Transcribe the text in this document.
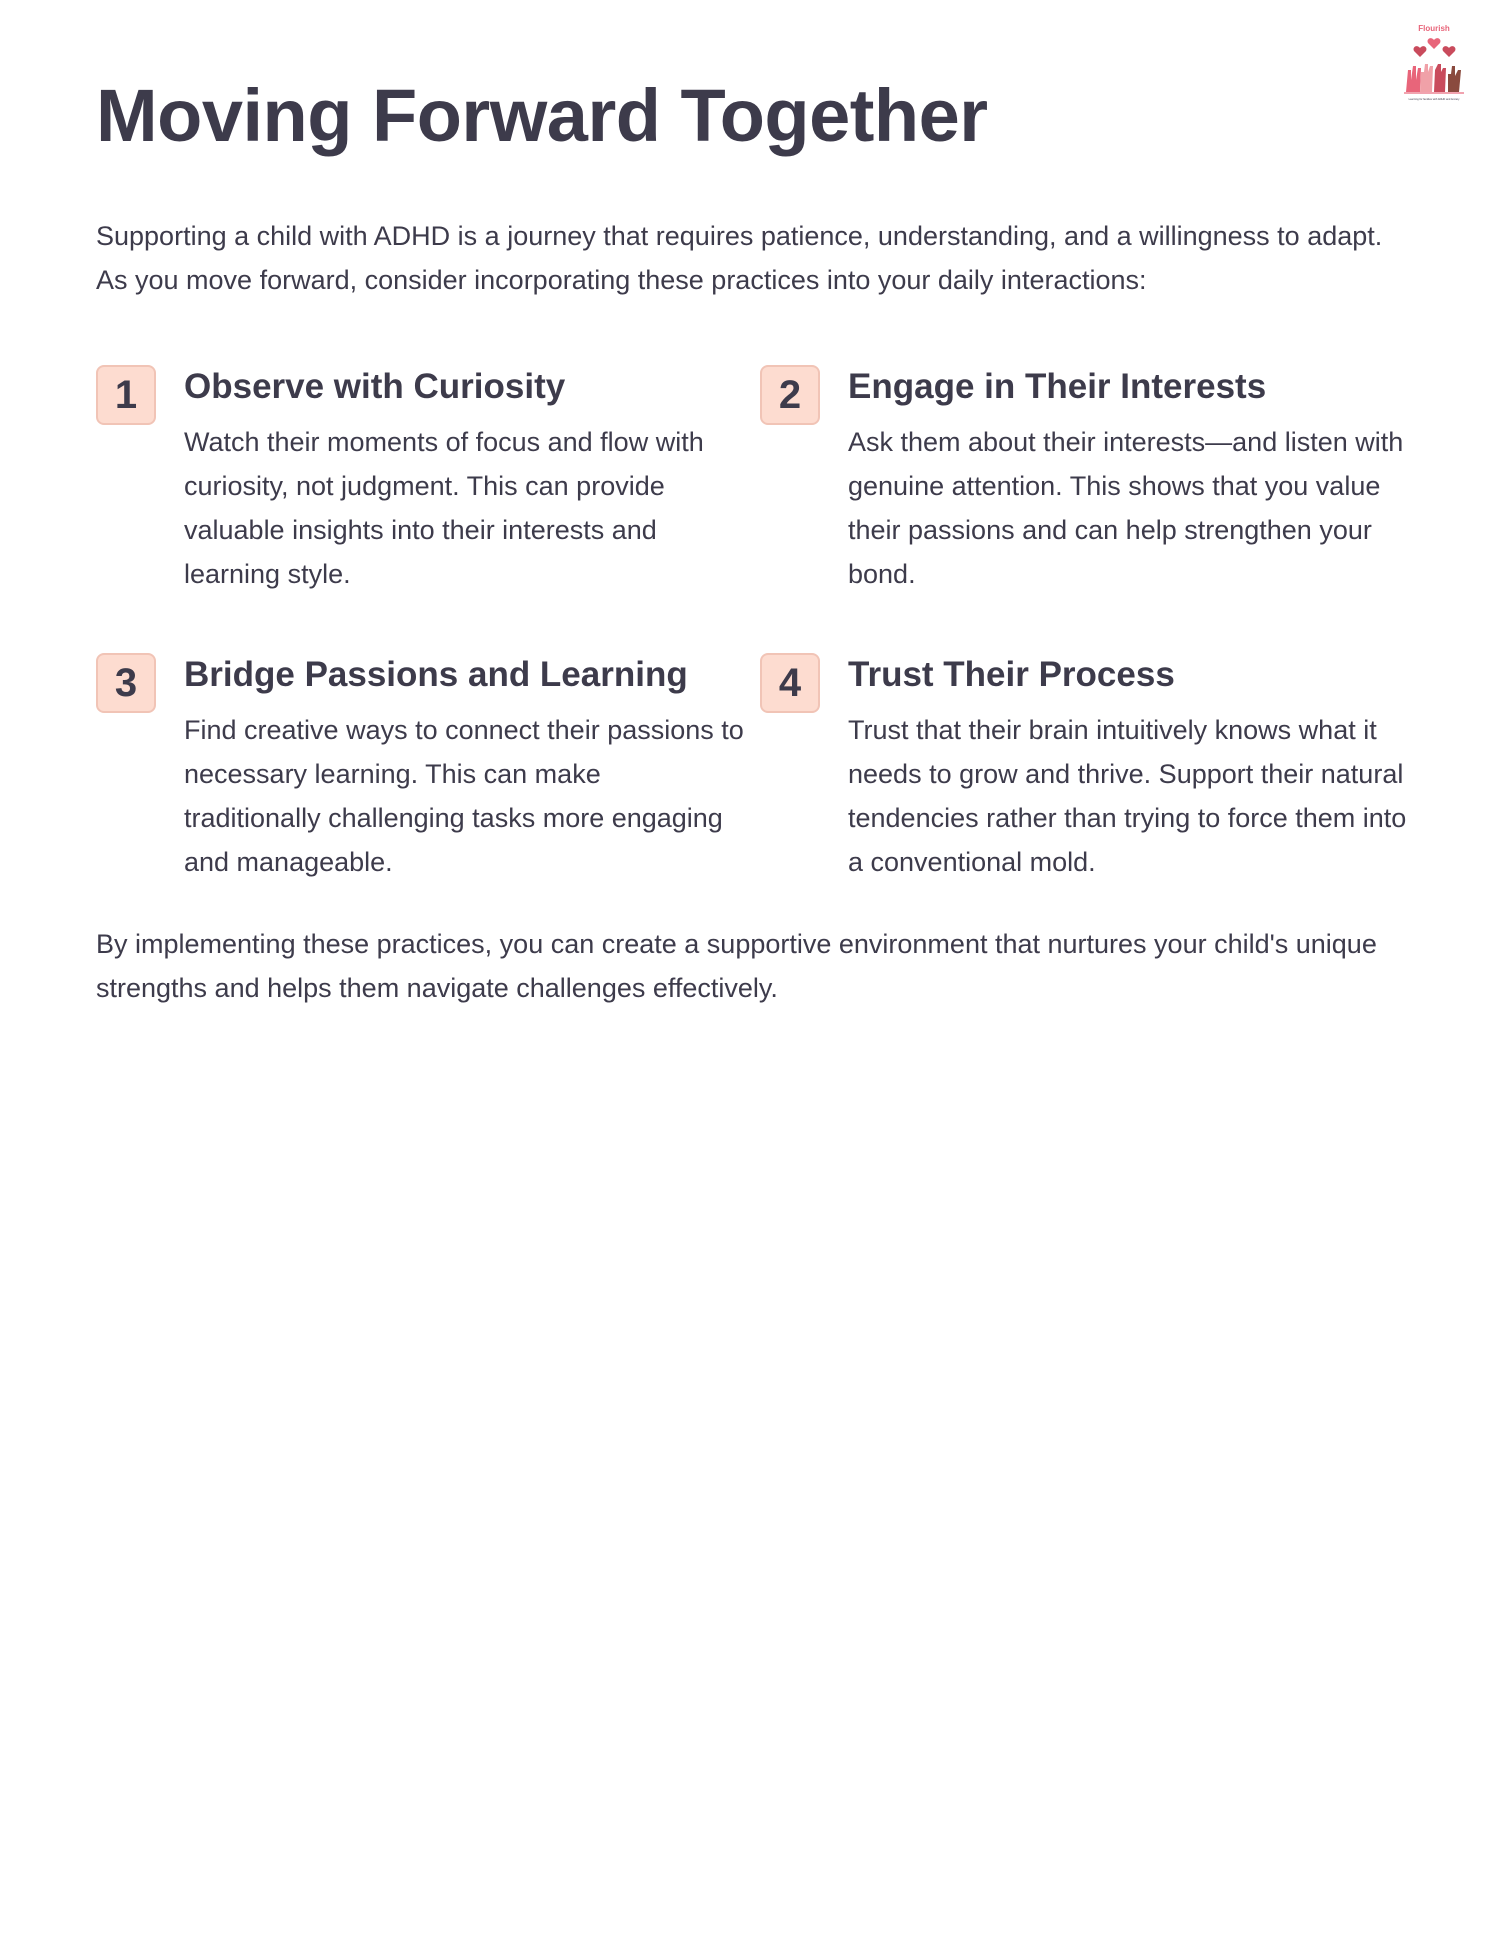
Flourish
Learning for families with ADHD and Anxiety
Moving Forward Together

Supporting a child with ADHD is a journey that requires patience, understanding, and a willingness to adapt. As you move forward, consider incorporating these practices into your daily interactions:

1	Observe with Curiosity

Watch their moments of focus and flow with curiosity, not judgment. This can provide valuable insights into their interests and learning style.

2	Engage in Their Interests

Ask them about their interests—and listen with genuine attention. This shows that you value their passions and can help strengthen your bond.

3	Bridge Passions and Learning

Find creative ways to connect their passions to necessary learning. This can make traditionally challenging tasks more engaging and manageable.

4	Trust Their Process

Trust that their brain intuitively knows what it needs to grow and thrive. Support their natural tendencies rather than trying to force them into a conventional mold.

By implementing these practices, you can create a supportive environment that nurtures your child's unique strengths and helps them navigate challenges effectively.
